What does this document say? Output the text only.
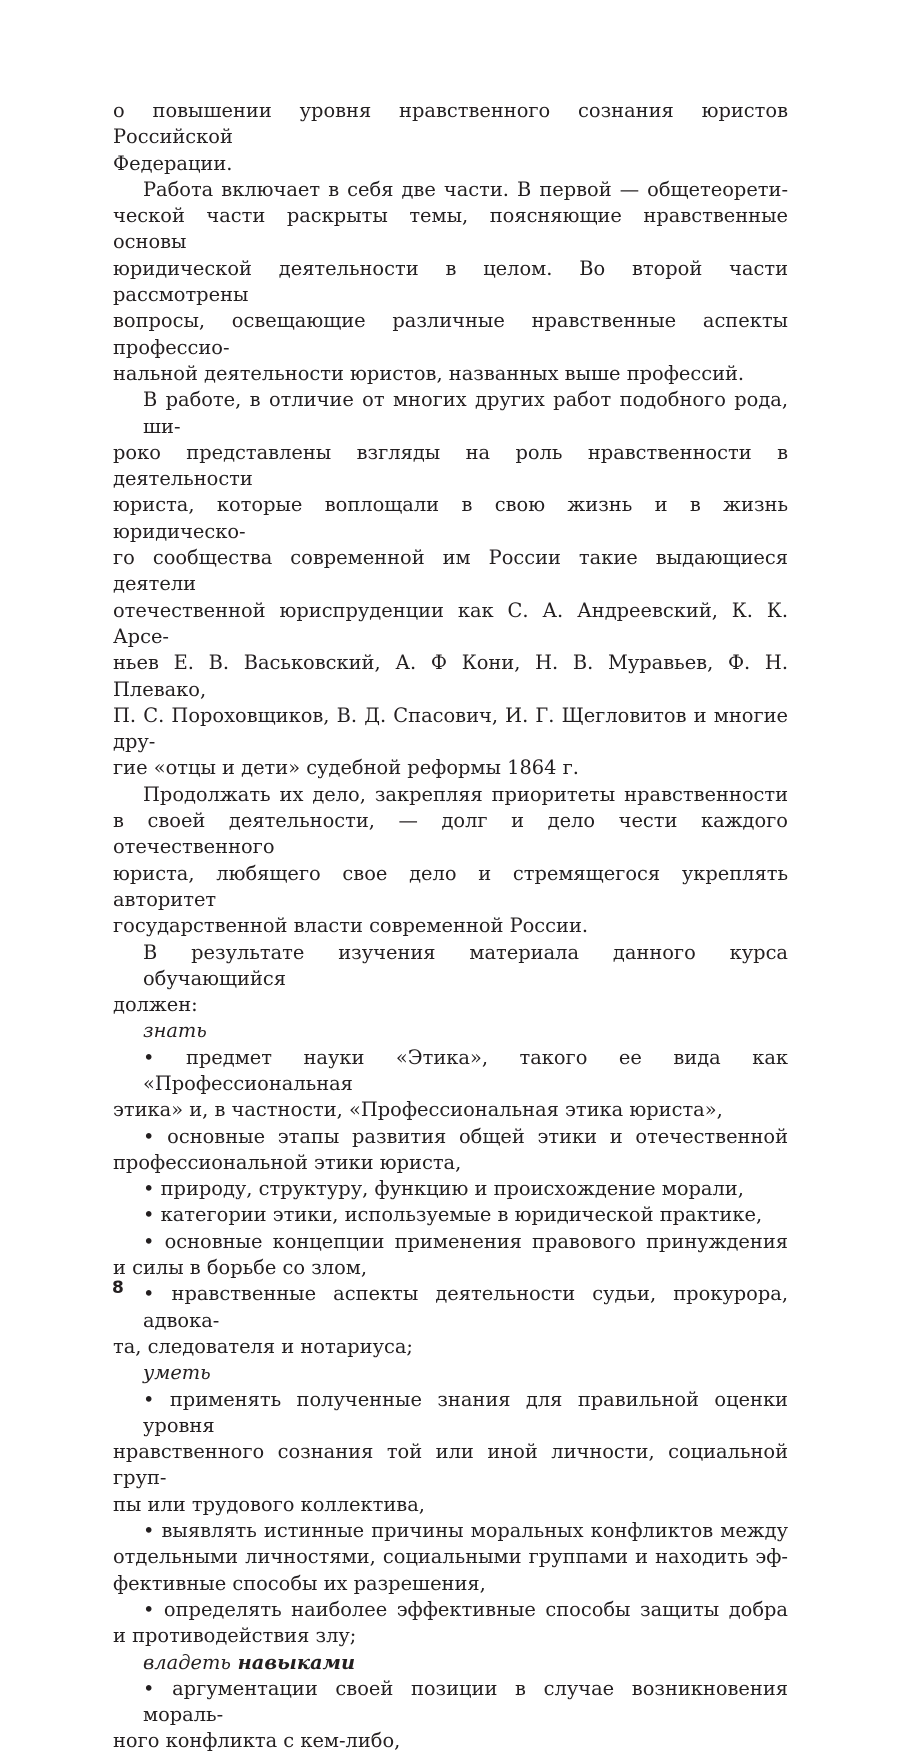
о повышении уровня нравственного сознания юристов Российской
Федерации.
Работа включает в себя две части. В первой — общетеорети-
ческой части раскрыты темы, поясняющие нравственные основы
юридической деятельности в целом. Во второй части рассмотрены
вопросы, освещающие различные нравственные аспекты профессио-
нальной деятельности юристов, названных выше профессий.
В работе, в отличие от многих других работ подобного рода, ши-
роко представлены взгляды на роль нравственности в деятельности
юриста, которые воплощали в свою жизнь и в жизнь юридическо-
го сообщества современной им России такие выдающиеся деятели
отечественной юриспруденции как С. А. Андреевский, К. К. Арсе-
ньев Е. В. Васьковский, А. Ф Кони, Н. В. Муравьев, Ф. Н. Плевако,
П. С. Пороховщиков, В. Д. Спасович, И. Г. Щегловитов и многие дру-
гие «отцы и дети» судебной реформы 1864 г.
Продолжать их дело, закрепляя приоритеты нравственности
в своей деятельности, — долг и дело чести каждого отечественного
юриста, любящего свое дело и стремящегося укреплять авторитет
государственной власти современной России.
В результате изучения материала данного курса обучающийся
должен:
знать
• предмет науки «Этика», такого ее вида как «Профессиональная
этика» и, в частности, «Профессиональная этика юриста»,
• основные этапы развития общей этики и отечественной
профессиональной этики юриста,
• природу, структуру, функцию и происхождение морали,
• категории этики, используемые в юридической практике,
• основные концепции применения правового принуждения
и силы в борьбе со злом,
• нравственные аспекты деятельности судьи, прокурора, адвока-
та, следователя и нотариуса;
уметь
• применять полученные знания для правильной оценки уровня
нравственного сознания той или иной личности, социальной груп-
пы или трудового коллектива,
• выявлять истинные причины моральных конфликтов между
отдельными личностями, социальными группами и находить эф-
фективные способы их разрешения,
• определять наиболее эффективные способы защиты добра
и противодействия злу;
владеть навыками
• аргументации своей позиции в случае возникновения мораль-
ного конфликта с кем-либо,
8
